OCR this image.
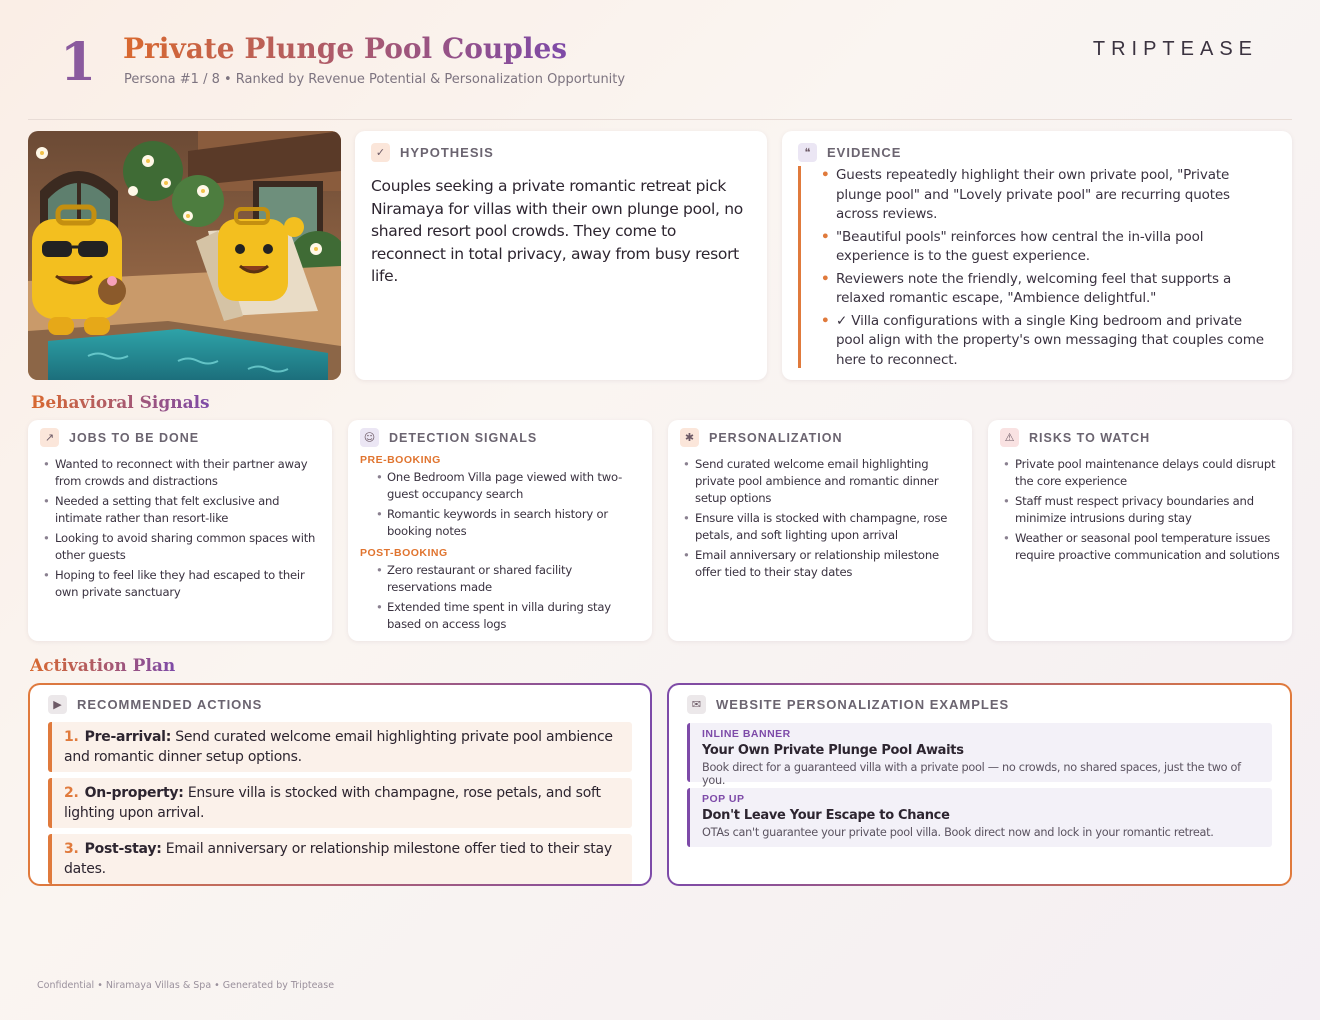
1 Private Plunge Pool Couples
Persona #1 / 8 • Ranked by Revenue Potential & Personalization Opportunity
TRIPTEASE
✓	HYPOTHESIS
Couples seeking a private romantic retreat pick Niramaya for villas with their own plunge pool, no shared resort pool crowds. They come to reconnect in total privacy, away from busy resort life.
❝	EVIDENCE
• Guests repeatedly highlight their own private pool, "Private plunge pool" and "Lovely private pool" are recurring quotes across reviews.
• "Beautiful pools" reinforces how central the in-villa pool experience is to the guest experience.
• Reviewers note the friendly, welcoming feel that supports a relaxed romantic escape, "Ambience delightful."
• ✓ Villa configurations with a single King bedroom and private pool align with the property's own messaging that couples come here to reconnect.
Behavioral Signals
↗	JOBS TO BE DONE
• Wanted to reconnect with their partner away from crowds and distractions
• Needed a setting that felt exclusive and intimate rather than resort-like
• Looking to avoid sharing common spaces with other guests
• Hoping to feel like they had escaped to their own private sanctuary
☺	DETECTION SIGNALS
PRE-BOOKING
• One Bedroom Villa page viewed with two-guest occupancy search
• Romantic keywords in search history or booking notes
POST-BOOKING
• Zero restaurant or shared facility reservations made
• Extended time spent in villa during stay based on access logs
✱	PERSONALIZATION
• Send curated welcome email highlighting private pool ambience and romantic dinner setup options
• Ensure villa is stocked with champagne, rose petals, and soft lighting upon arrival
• Email anniversary or relationship milestone offer tied to their stay dates
⚠	RISKS TO WATCH
• Private pool maintenance delays could disrupt the core experience
• Staff must respect privacy boundaries and minimize intrusions during stay
• Weather or seasonal pool temperature issues require proactive communication and solutions
Activation Plan
▶	RECOMMENDED ACTIONS
1. Pre-arrival: Send curated welcome email highlighting private pool ambience and romantic dinner setup options.
2. On-property: Ensure villa is stocked with champagne, rose petals, and soft lighting upon arrival.
3. Post-stay: Email anniversary or relationship milestone offer tied to their stay dates.
✉	WEBSITE PERSONALIZATION EXAMPLES
INLINE BANNER
Your Own Private Plunge Pool Awaits
Book direct for a guaranteed villa with a private pool — no crowds, no shared spaces, just the two of you.
POP UP
Don't Leave Your Escape to Chance
OTAs can't guarantee your private pool villa. Book direct now and lock in your romantic retreat.
Confidential • Niramaya Villas & Spa • Generated by Triptease
